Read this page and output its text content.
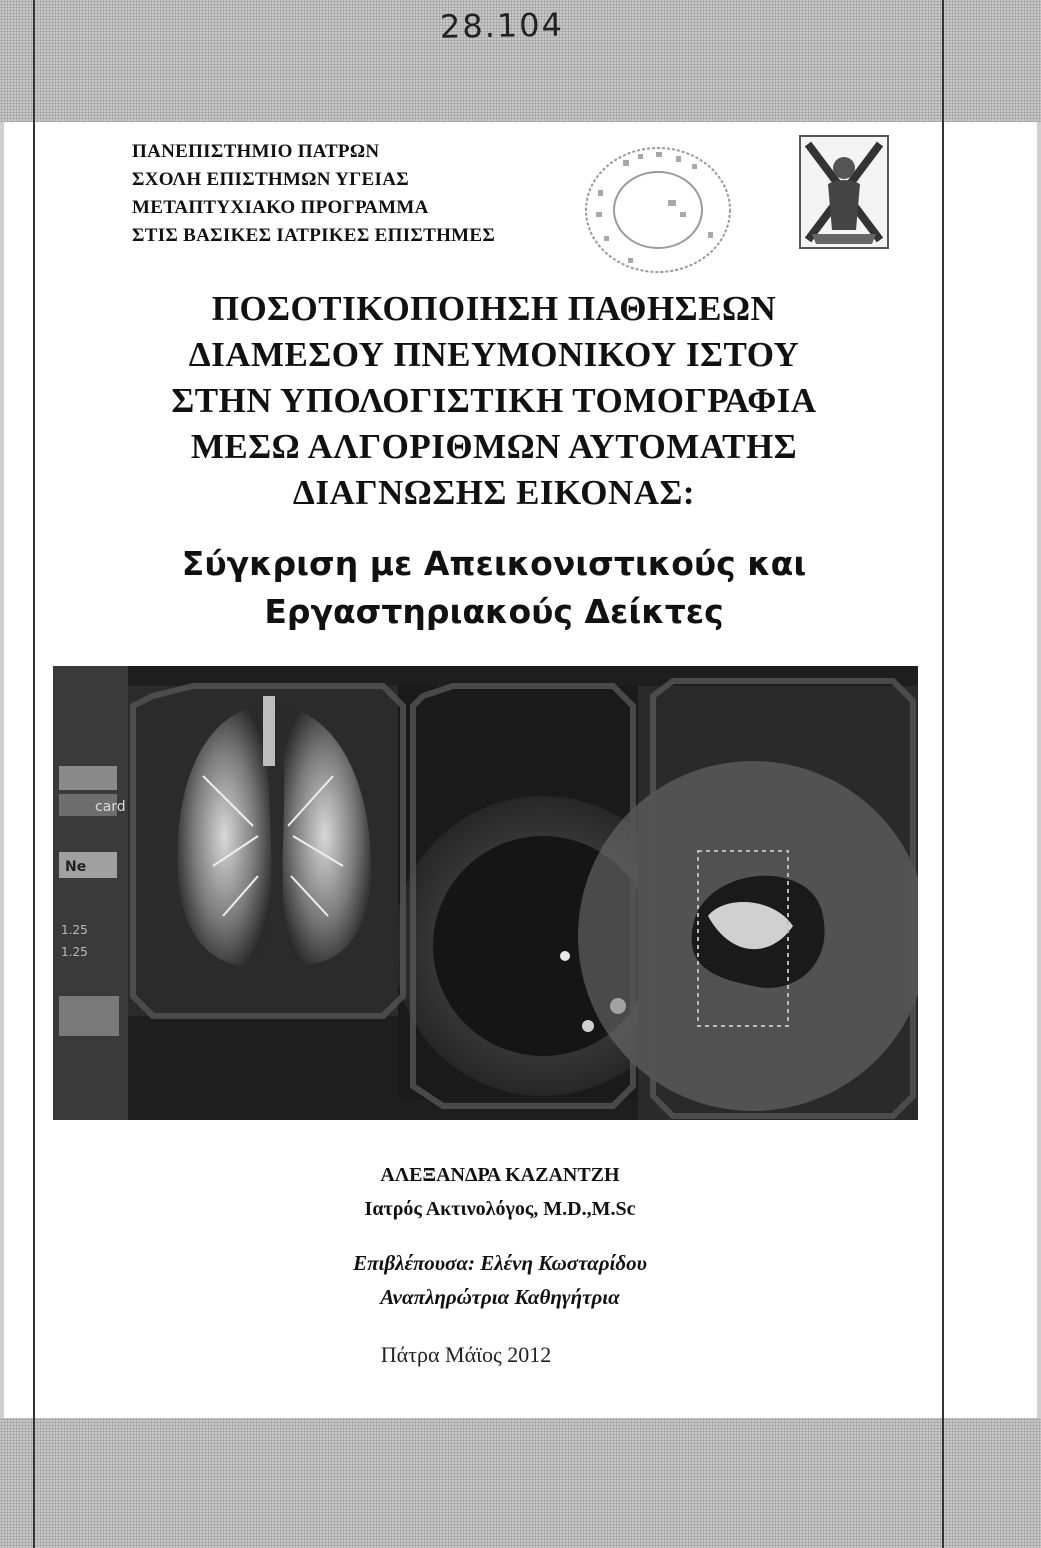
28.104
ΠΑΝΕΠΙΣΤΗΜΙΟ ΠΑΤΡΩΝ
ΣΧΟΛΗ ΕΠΙΣΤΗΜΩΝ ΥΓΕΙΑΣ
ΜΕΤΑΠΤΥΧΙΑΚΟ ΠΡΟΓΡΑΜΜΑ
ΣΤΙΣ ΒΑΣΙΚΕΣ ΙΑΤΡΙΚΕΣ ΕΠΙΣΤΗΜΕΣ
ΠΟΣΟΤΙΚΟΠΟΙΗΣΗ ΠΑΘΗΣΕΩΝ
ΔΙΑΜΕΣΟΥ ΠΝΕΥΜΟΝΙΚΟΥ ΙΣΤΟΥ
ΣΤΗΝ ΥΠΟΛΟΓΙΣΤΙΚΗ ΤΟΜΟΓΡΑΦΙΑ
ΜΕΣΩ ΑΛΓΟΡΙΘΜΩΝ ΑΥΤΟΜΑΤΗΣ
ΔΙΑΓΝΩΣΗΣ ΕΙΚΟΝΑΣ:
Σύγκριση με Απεικονιστικούς και
Εργαστηριακούς Δείκτες
card
Ne
1.25
1.25
ΑΛΕΞΑΝΔΡΑ ΚΑΖΑΝΤΖΗ
Ιατρός Ακτινολόγος, M.D.,M.Sc
Επιβλέπουσα: Ελένη Κωσταρίδου
Αναπληρώτρια Καθηγήτρια
Πάτρα Μάϊος 2012
